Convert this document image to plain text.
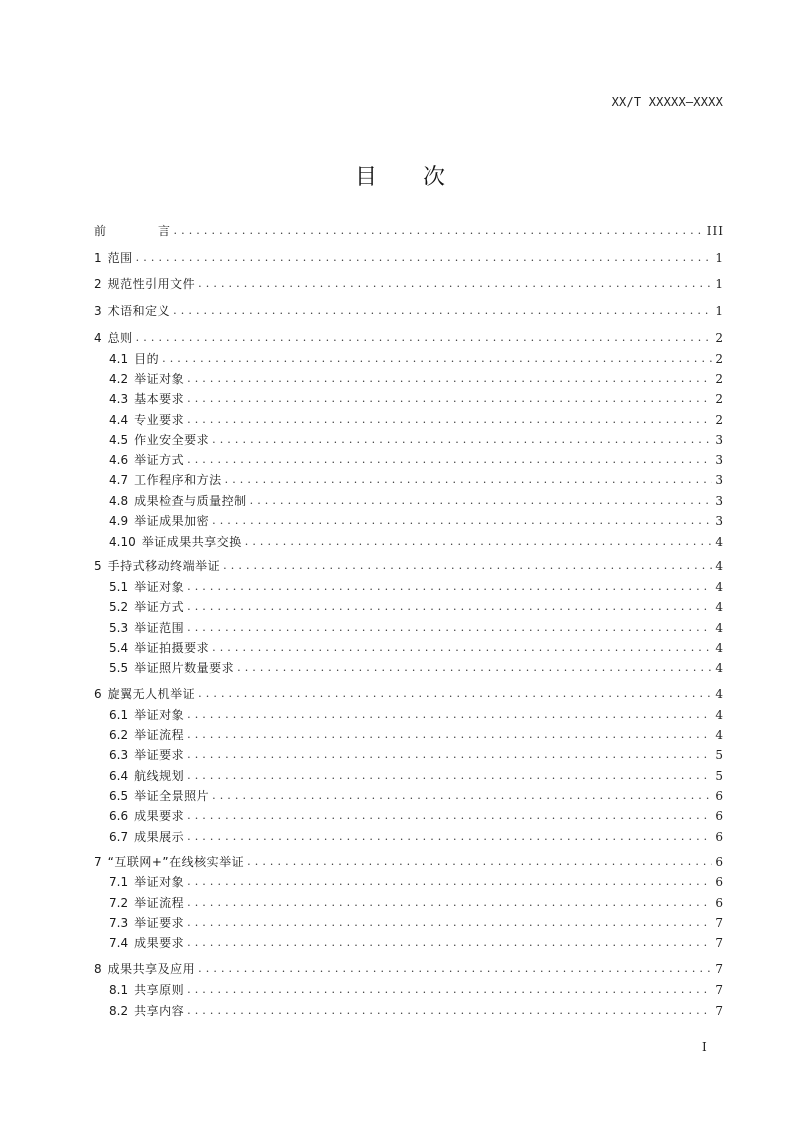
XX/T XXXXX—XXXX
目 次
前	言 .....	III
1 范围 .....	1
2 规范性引用文件 .....	1
3 术语和定义 .....	1
4 总则 .....	2
4.1 目的 .....	2
4.2 举证对象 .....	2
4.3 基本要求 .....	2
4.4 专业要求 .....	2
4.5 作业安全要求 .....	3
4.6 举证方式 .....	3
4.7 工作程序和方法 .....	3
4.8 成果检查与质量控制 .....	3
4.9 举证成果加密 .....	3
4.10 举证成果共享交换 .....	4
5 手持式移动终端举证 .....	4
5.1 举证对象 .....	4
5.2 举证方式 .....	4
5.3 举证范围 .....	4
5.4 举证拍摄要求 .....	4
5.5 举证照片数量要求 .....	4
6 旋翼无人机举证 .....	4
6.1 举证对象 .....	4
6.2 举证流程 .....	4
6.3 举证要求 .....	5
6.4 航线规划 .....	5
6.5 举证全景照片 .....	6
6.6 成果要求 .....	6
6.7 成果展示 .....	6
7 “互联网+”在线核实举证 .....	6
7.1 举证对象 .....	6
7.2 举证流程 .....	6
7.3 举证要求 .....	7
7.4 成果要求 .....	7
8 成果共享及应用 .....	7
8.1 共享原则 .....	7
8.2 共享内容 .....	7
I
